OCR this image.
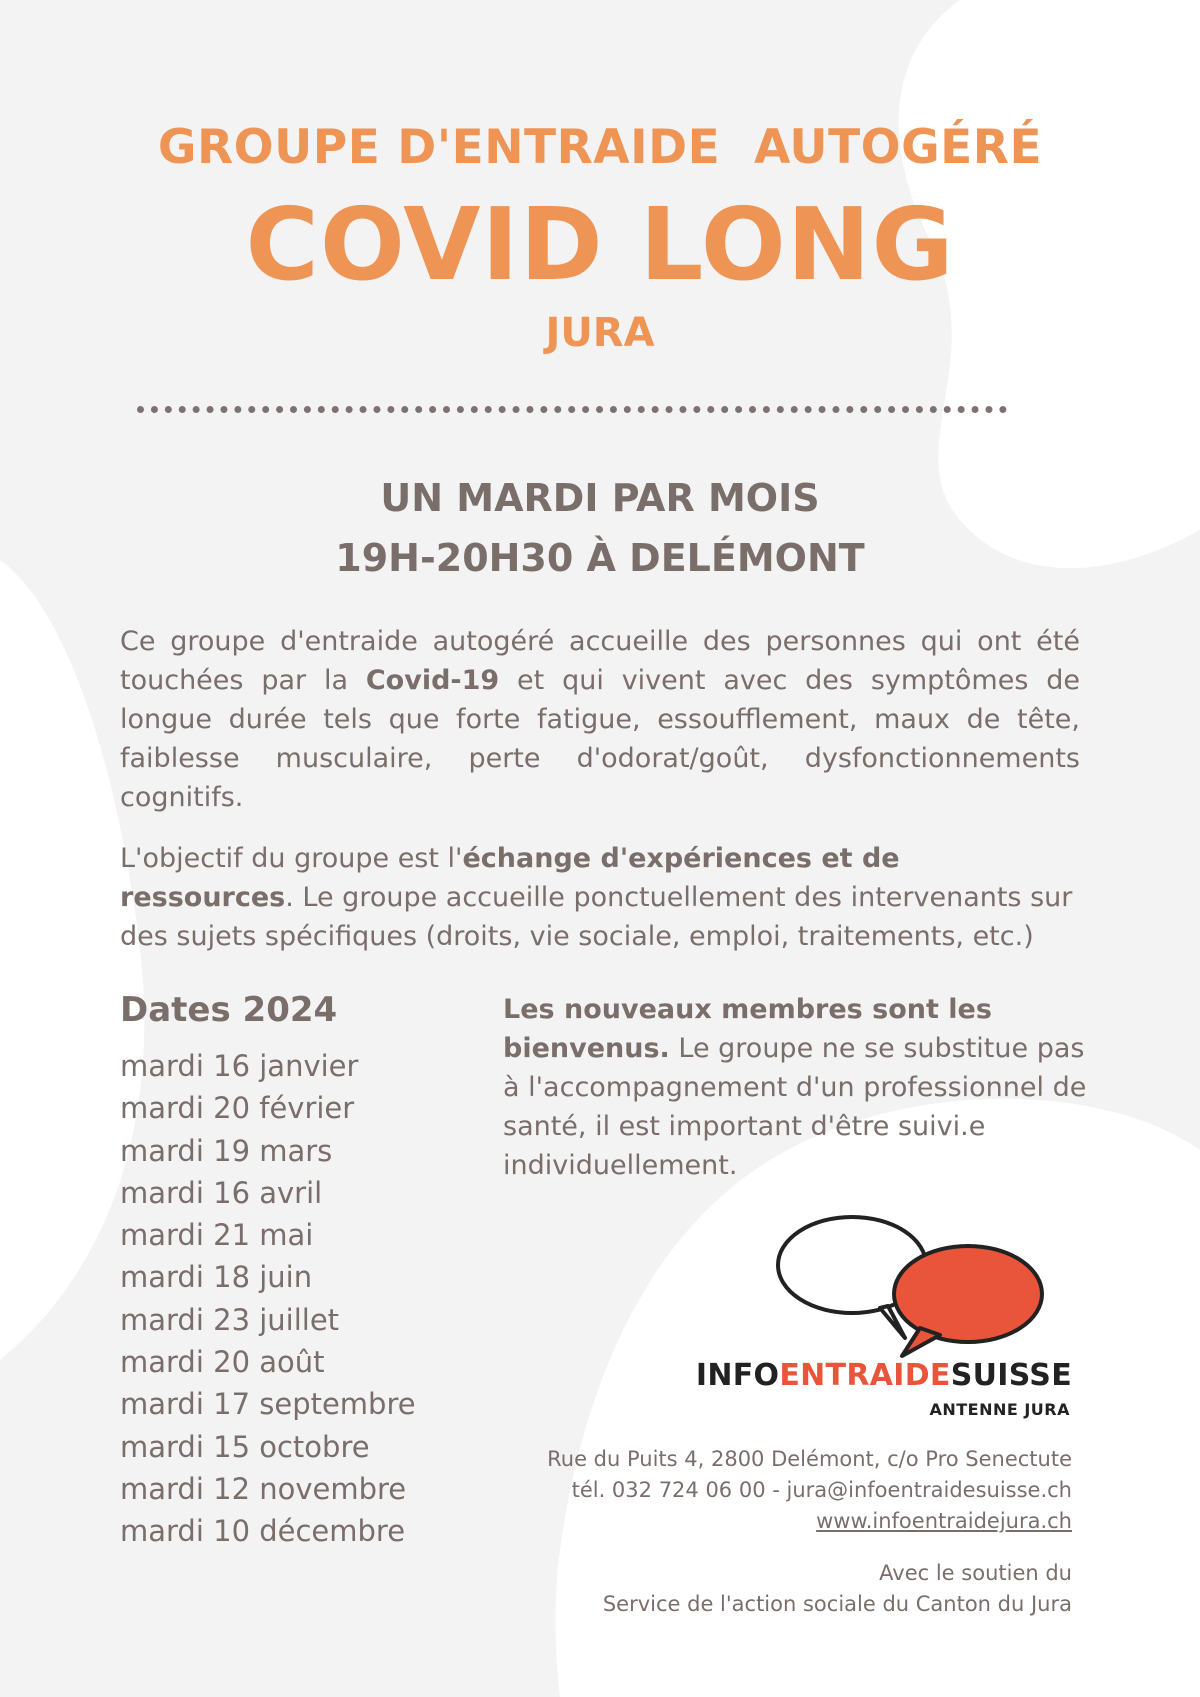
GROUPE D'ENTRAIDE  AUTOGÉRÉ
COVID LONG
JURA
UN MARDI PAR MOIS
19H-20H30 À DELÉMONT

Ce groupe d'entraide autogéré accueille des personnes qui ont été touchées par la Covid-19 et qui vivent avec des symptômes de longue durée tels que forte fatigue, essoufflement, maux de tête, faiblesse musculaire, perte d'odorat/goût, dysfonctionnements cognitifs.

L'objectif du groupe est l'échange d'expériences et de ressources. Le groupe accueille ponctuellement des intervenants sur des sujets spécifiques (droits, vie sociale, emploi, traitements, etc.)

Dates 2024
mardi 16 janvier
mardi 20 février
mardi 19 mars
mardi 16 avril
mardi 21 mai
mardi 18 juin
mardi 23 juillet
mardi 20 août
mardi 17 septembre
mardi 15 octobre
mardi 12 novembre
mardi 10 décembre

Les nouveaux membres sont les bienvenus. Le groupe ne se substitue pas à l'accompagnement d'un professionnel de santé, il est important d'être suivi.e individuellement.

INFOENTRAIDESUISSE
ANTENNE JURA
Rue du Puits 4, 2800 Delémont, c/o Pro Senectute
tél. 032 724 06 00 - jura@infoentraidesuisse.ch
www.infoentraidejura.ch
Avec le soutien du
Service de l'action sociale du Canton du Jura
